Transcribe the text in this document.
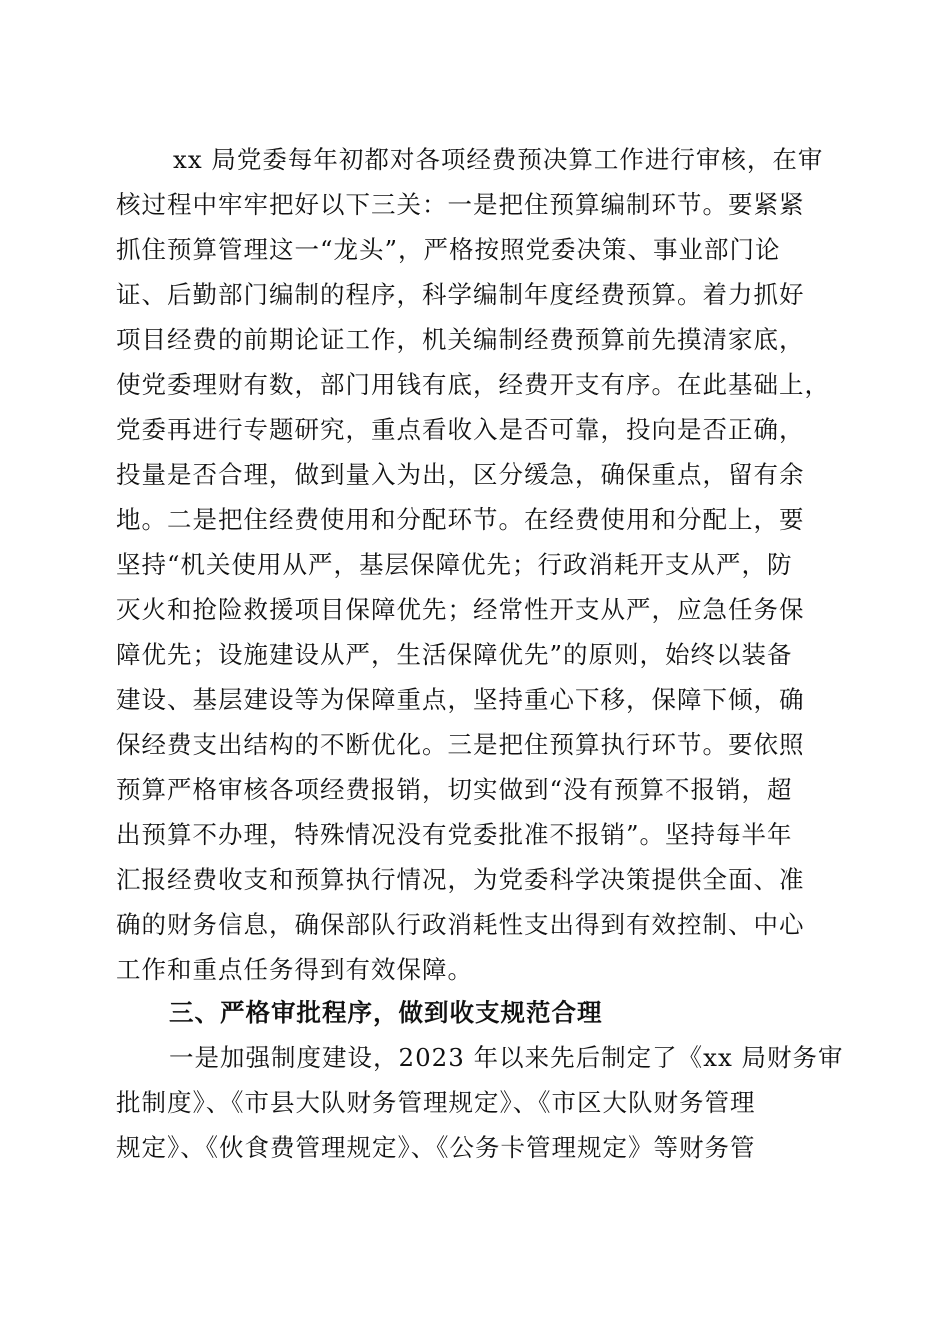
xx 局党委每年初都对各项经费预决算工作进行审核，在审
核过程中牢牢把好以下三关：一是把住预算编制环节。要紧紧
抓住预算管理这一“龙头”，严格按照党委决策、事业部门论
证、后勤部门编制的程序，科学编制年度经费预算。着力抓好
项目经费的前期论证工作，机关编制经费预算前先摸清家底，
使党委理财有数，部门用钱有底，经费开支有序。在此基础上，
党委再进行专题研究，重点看收入是否可靠，投向是否正确，
投量是否合理，做到量入为出，区分缓急，确保重点，留有余
地。二是把住经费使用和分配环节。在经费使用和分配上，要
坚持“机关使用从严，基层保障优先；行政消耗开支从严，防
灭火和抢险救援项目保障优先；经常性开支从严，应急任务保
障优先；设施建设从严，生活保障优先”的原则，始终以装备
建设、基层建设等为保障重点，坚持重心下移，保障下倾，确
保经费支出结构的不断优化。三是把住预算执行环节。要依照
预算严格审核各项经费报销，切实做到“没有预算不报销，超
出预算不办理，特殊情况没有党委批准不报销”。坚持每半年
汇报经费收支和预算执行情况，为党委科学决策提供全面、准
确的财务信息，确保部队行政消耗性支出得到有效控制、中心
工作和重点任务得到有效保障。
三、严格审批程序，做到收支规范合理
一是加强制度建设，2023 年以来先后制定了《xx 局财务审
批制度》、《市县大队财务管理规定》、《市区大队财务管理
规定》、《伙食费管理规定》、《公务卡管理规定》等财务管
